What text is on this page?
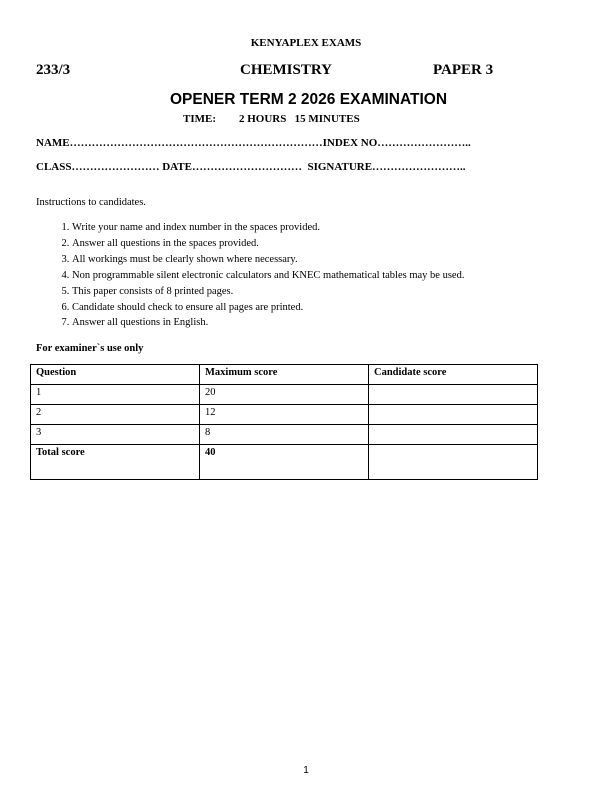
KENYAPLEX EXAMS
233/3	CHEMISTRY	PAPER 3
OPENER TERM 2 2026 EXAMINATION
TIME: 2 HOURS   15 MINUTES
NAME……………………………………………………………INDEX NO……………………..
CLASS…………………… DATE…………………………  SIGNATURE……………………..
Instructions to candidates.
1. Write your name and index number in the spaces provided.
2. Answer all questions in the spaces provided.
3. All workings must be clearly shown where necessary.
4. Non programmable silent electronic calculators and KNEC mathematical tables may be used.
5. This paper consists of 8 printed pages.
6. Candidate should check to ensure all pages are printed.
7. Answer all questions in English.
For examiner`s use only
Question	Maximum score	Candidate score
1	20	
2	12	
3	8	
Total score	40	
1
